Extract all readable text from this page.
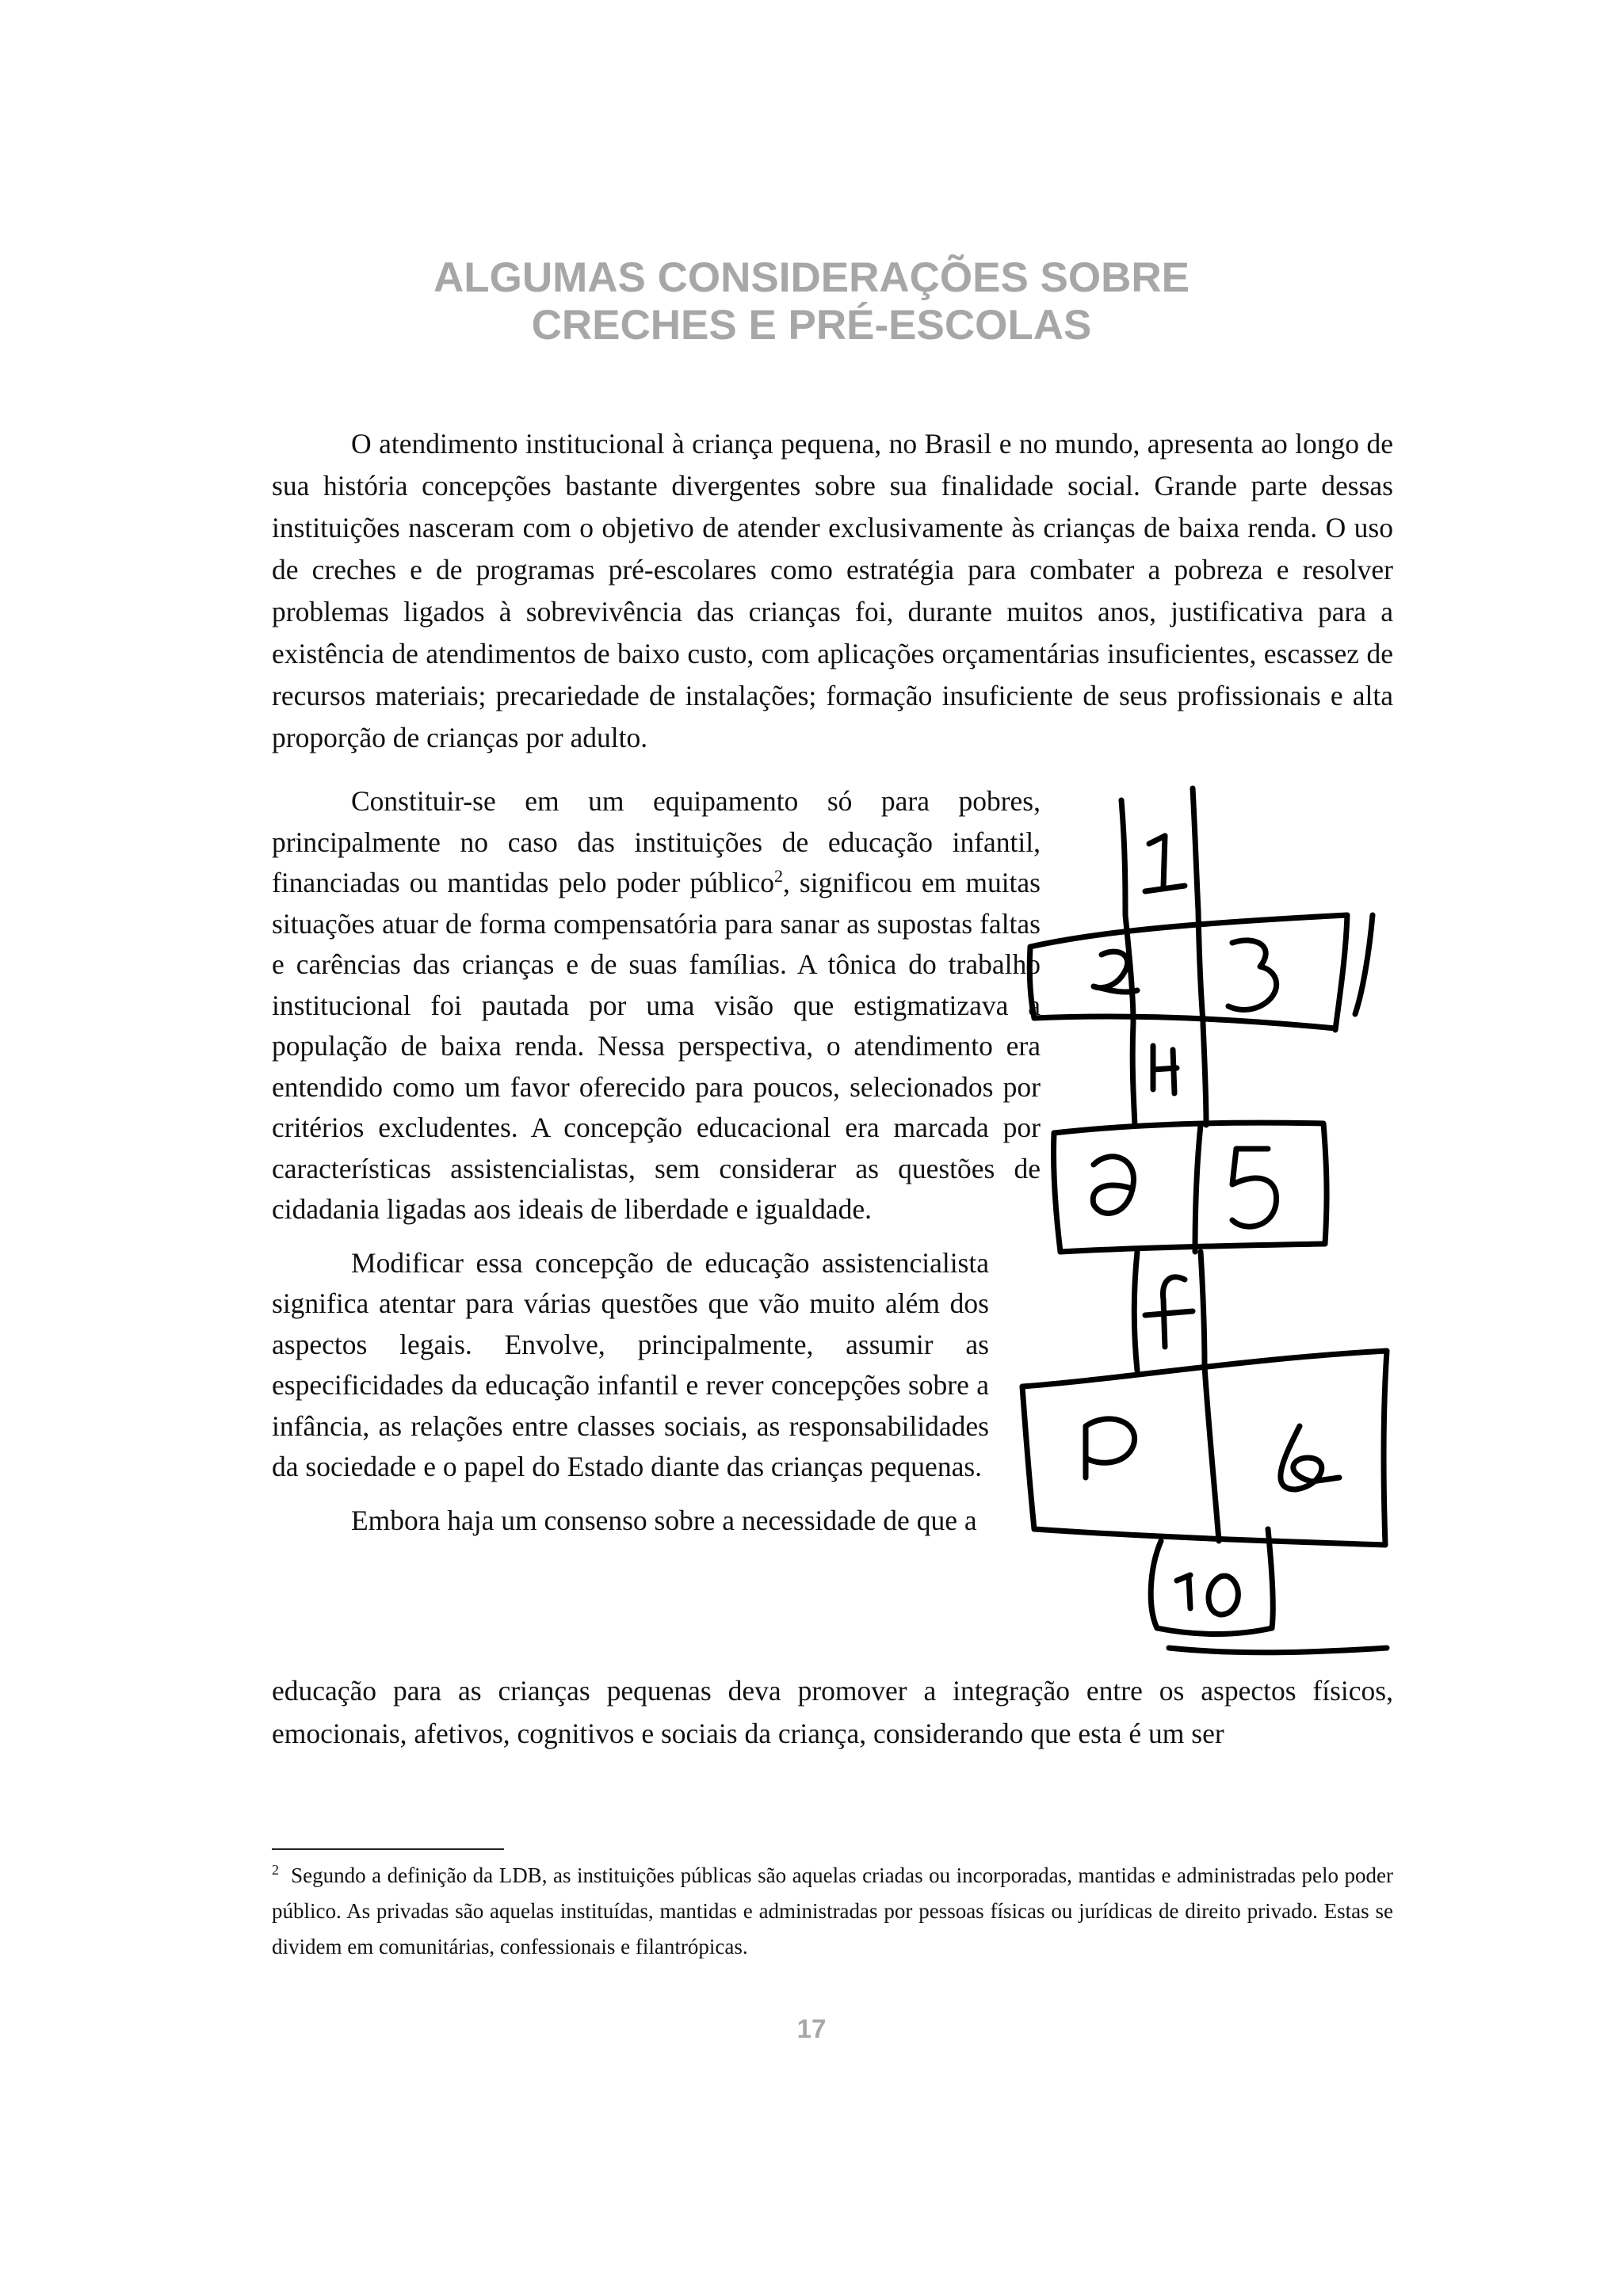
ALGUMAS CONSIDERAÇÕES SOBRE
CRECHES E PRÉ-ESCOLAS

O atendimento institucional à criança pequena, no Brasil e no mundo, apresenta ao longo de sua história concepções bastante divergentes sobre sua finalidade social. Grande parte dessas instituições nasceram com o objetivo de atender exclusivamente às crianças de baixa renda. O uso de creches e de programas pré-escolares como estratégia para combater a pobreza e resolver problemas ligados à sobrevivência das crianças foi, durante muitos anos, justificativa para a existência de atendimentos de baixo custo, com aplicações orçamentárias insuficientes, escassez de recursos materiais; precariedade de instalações; formação insuficiente de seus profissionais e alta proporção de crianças por adulto.

Constituir-se em um equipamento só para pobres, principalmente no caso das instituições de educação infantil, financiadas ou mantidas pelo poder público$^2$, significou em muitas situações atuar de forma compensatória para sanar as supostas faltas e carências das crianças e de suas famílias. A tônica do trabalho institucional foi pautada por uma visão que estigmatizava a população de baixa renda. Nessa perspectiva, o atendimento era entendido como um favor oferecido para poucos, selecionados por critérios excludentes. A concepção educacional era marcada por características assistencialistas, sem considerar as questões de cidadania ligadas aos ideais de liberdade e igualdade.

Modificar essa concepção de educação assistencialista significa atentar para várias questões que vão muito além dos aspectos legais. Envolve, principalmente, assumir as especificidades da educação infantil e rever concepções sobre a infância, as relações entre classes sociais, as responsabilidades da sociedade e o papel do Estado diante das crianças pequenas.

Embora haja um consenso sobre a necessidade de que a

educação para as crianças pequenas deva promover a integração entre os aspectos físicos, emocionais, afetivos, cognitivos e sociais da criança, considerando que esta é um ser

$^2$ Segundo a definição da LDB, as instituições públicas são aquelas criadas ou incorporadas, mantidas e administradas pelo poder público. As privadas são aquelas instituídas, mantidas e administradas por pessoas físicas ou jurídicas de direito privado. Estas se dividem em comunitárias, confessionais e filantrópicas.
17
